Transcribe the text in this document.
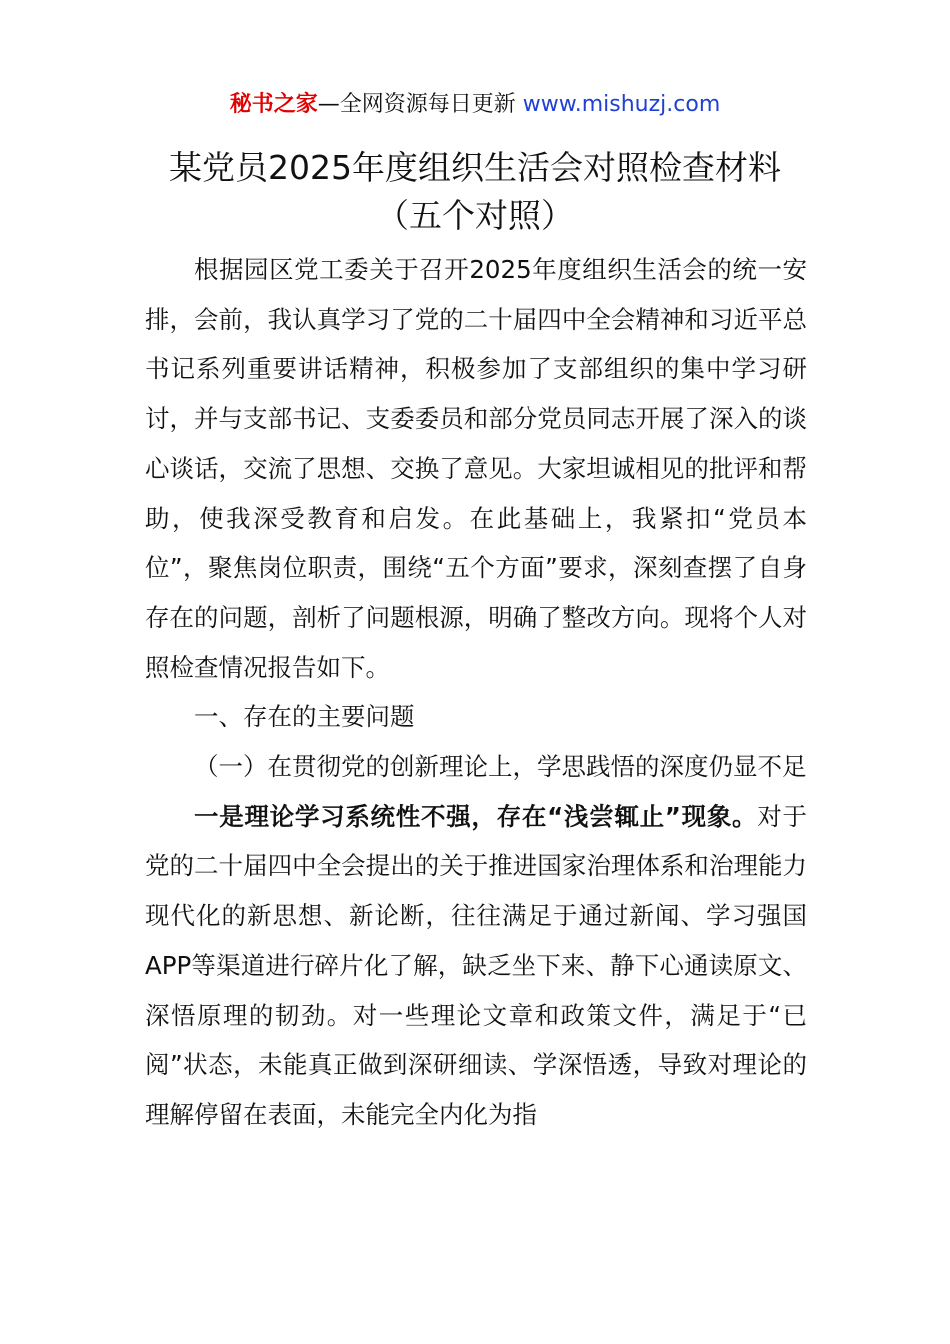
秘书之家—全网资源每日更新 www.mishuzj.com
某党员2025年度组织生活会对照检查材料（五个对照）

根据园区党工委关于召开2025年度组织生活会的统一安排，会前，我认真学习了党的二十届四中全会精神和习近平总书记系列重要讲话精神，积极参加了支部组织的集中学习研讨，并与支部书记、支委委员和部分党员同志开展了深入的谈心谈话，交流了思想、交换了意见。大家坦诚相见的批评和帮助，使我深受教育和启发。在此基础上，我紧扣“党员本位”，聚焦岗位职责，围绕“五个方面”要求，深刻查摆了自身存在的问题，剖析了问题根源，明确了整改方向。现将个人对照检查情况报告如下。

一、存在的主要问题

（一）在贯彻党的创新理论上，学思践悟的深度仍显不足

一是理论学习系统性不强，存在“浅尝辄止”现象。对于党的二十届四中全会提出的关于推进国家治理体系和治理能力现代化的新思想、新论断，往往满足于通过新闻、学习强国APP等渠道进行碎片化了解，缺乏坐下来、静下心通读原文、深悟原理的韧劲。对一些理论文章和政策文件，满足于“已阅”状态，未能真正做到深研细读、学深悟透，导致对理论的理解停留在表面，未能完全内化为指
